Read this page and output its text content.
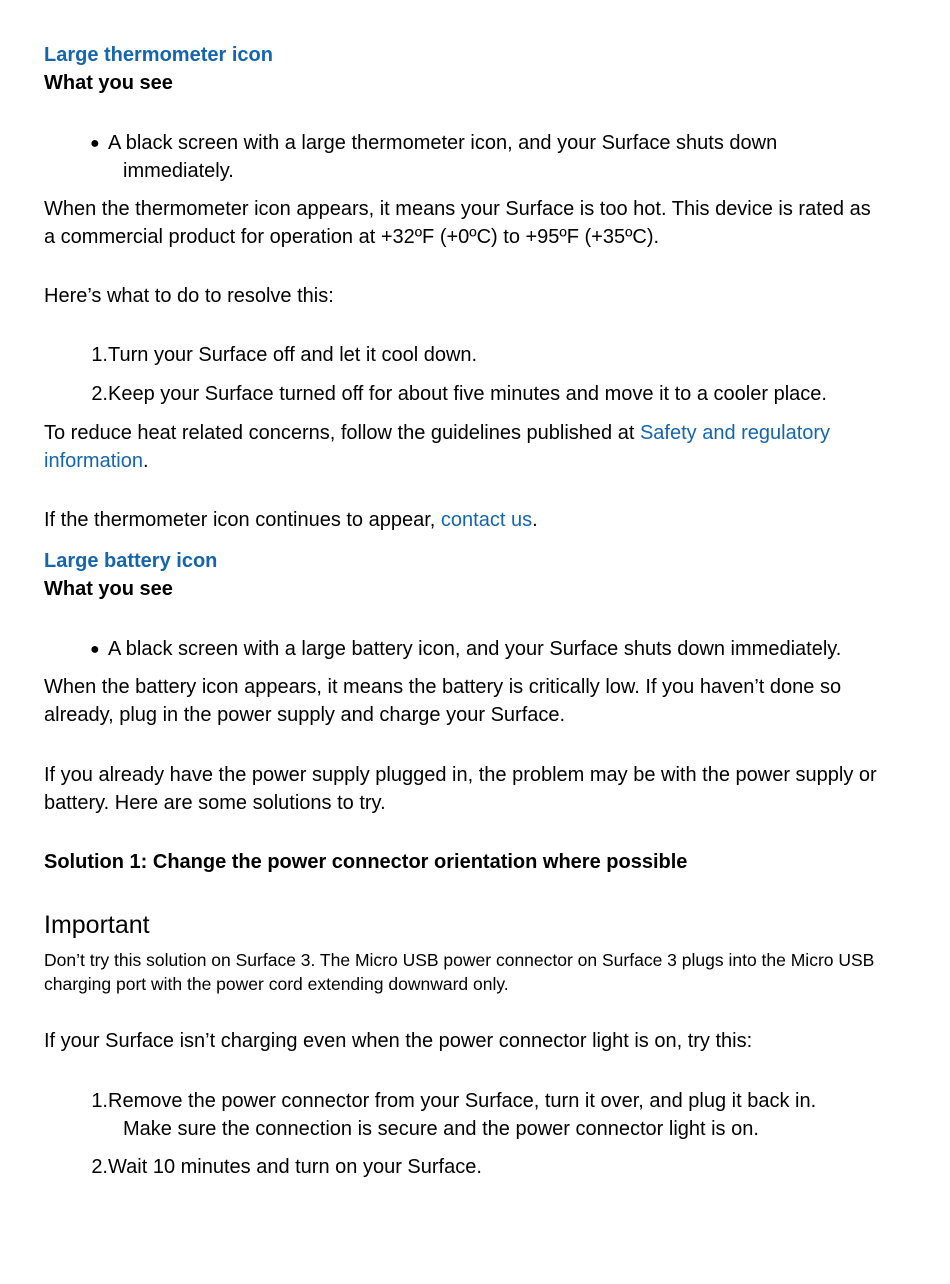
Large thermometer icon
What you see
● A black screen with a large thermometer icon, and your Surface shuts down
immediately.

When the thermometer icon appears, it means your Surface is too hot. This device is rated as a commercial product for operation at +32ºF (+0ºC) to +95ºF (+35ºC).

Here’s what to do to resolve this:

1. Turn your Surface off and let it cool down.
2. Keep your Surface turned off for about five minutes and move it to a cooler place.

To reduce heat related concerns, follow the guidelines published at Safety and regulatory information.

If the thermometer icon continues to appear, contact us.

Large battery icon
What you see
● A black screen with a large battery icon, and your Surface shuts down immediately.

When the battery icon appears, it means the battery is critically low. If you haven’t done so already, plug in the power supply and charge your Surface.

If you already have the power supply plugged in, the problem may be with the power supply or battery. Here are some solutions to try.

Solution 1: Change the power connector orientation where possible
Important

Don’t try this solution on Surface 3. The Micro USB power connector on Surface 3 plugs into the Micro USB charging port with the power cord extending downward only.

If your Surface isn’t charging even when the power connector light is on, try this:

1. Remove the power connector from your Surface, turn it over, and plug it back in.
Make sure the connection is secure and the power connector light is on.
2. Wait 10 minutes and turn on your Surface.
